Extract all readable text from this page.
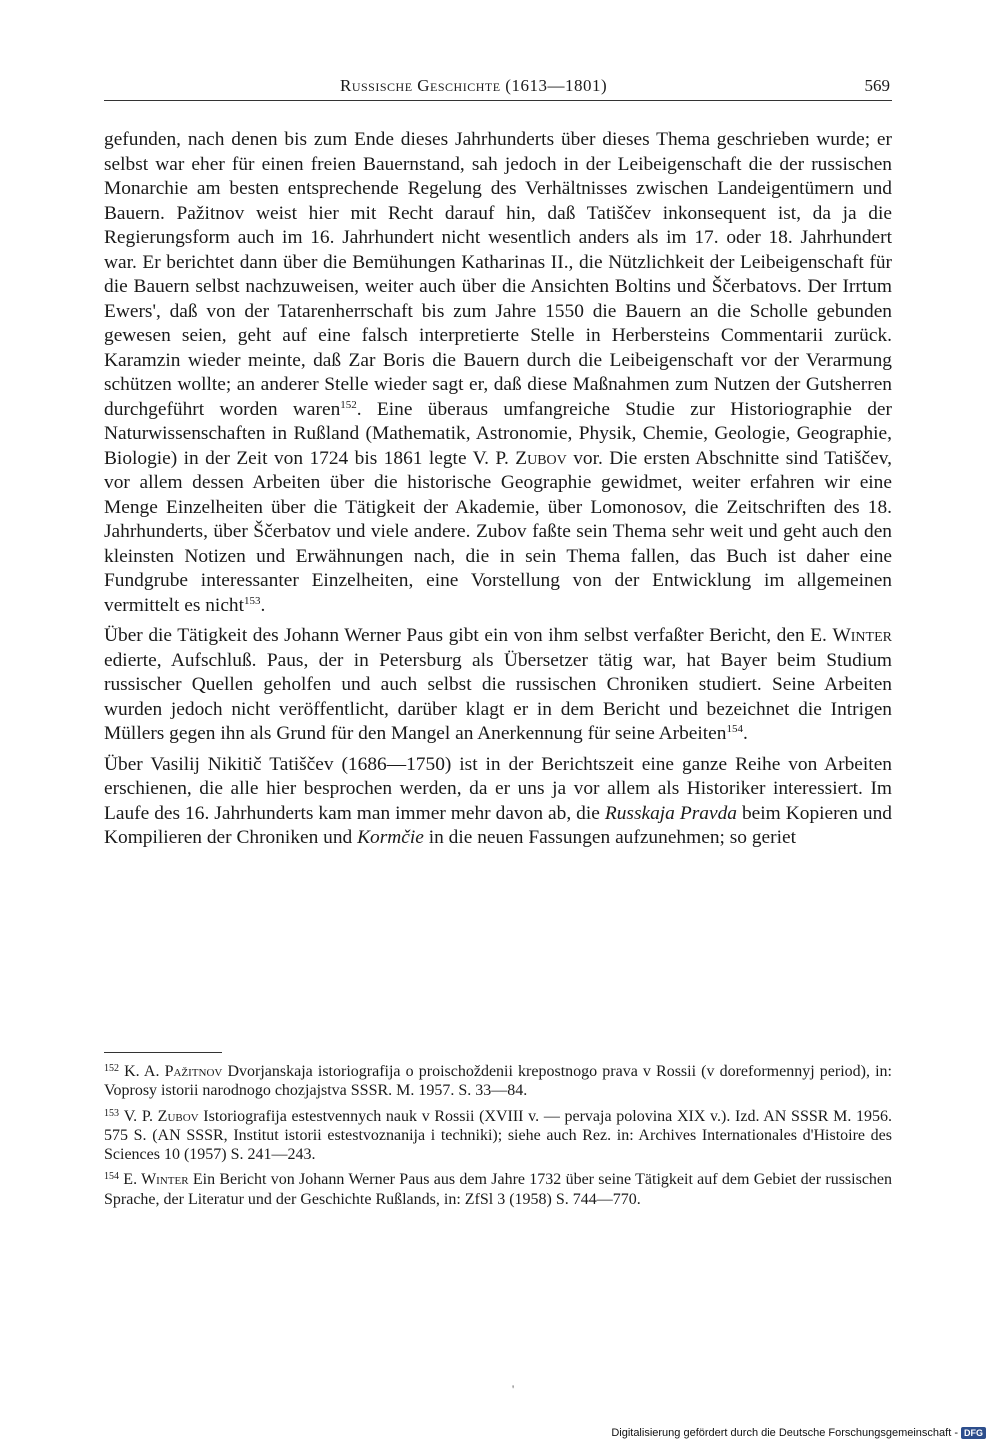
Russische Geschichte (1613—1801)	569

gefunden, nach denen bis zum Ende dieses Jahrhunderts über dieses Thema geschrieben wurde; er selbst war eher für einen freien Bauernstand, sah jedoch in der Leibeigenschaft die der russischen Monarchie am besten entsprechende Regelung des Verhältnisses zwischen Landeigentümern und Bauern. Pažitnov weist hier mit Recht darauf hin, daß Tatiščev inkonsequent ist, da ja die Regierungsform auch im 16. Jahrhundert nicht wesentlich anders als im 17. oder 18. Jahrhundert war. Er berichtet dann über die Bemühungen Katharinas II., die Nützlichkeit der Leibeigenschaft für die Bauern selbst nachzuweisen, weiter auch über die Ansichten Boltins und Ščerbatovs. Der Irrtum Ewers', daß von der Tatarenherrschaft bis zum Jahre 1550 die Bauern an die Scholle gebunden gewesen seien, geht auf eine falsch interpretierte Stelle in Herbersteins Commentarii zurück. Karamzin wieder meinte, daß Zar Boris die Bauern durch die Leibeigenschaft vor der Verarmung schützen wollte; an anderer Stelle wieder sagt er, daß diese Maßnahmen zum Nutzen der Gutsherren durchgeführt worden waren$^{152}$. Eine überaus umfangreiche Studie zur Historiographie der Naturwissenschaften in Rußland (Mathematik, Astronomie, Physik, Chemie, Geologie, Geographie, Biologie) in der Zeit von 1724 bis 1861 legte V. P. Zubov vor. Die ersten Abschnitte sind Tatiščev, vor allem dessen Arbeiten über die historische Geographie gewidmet, weiter erfahren wir eine Menge Einzelheiten über die Tätigkeit der Akademie, über Lomonosov, die Zeitschriften des 18. Jahrhunderts, über Ščerbatov und viele andere. Zubov faßte sein Thema sehr weit und geht auch den kleinsten Notizen und Erwähnungen nach, die in sein Thema fallen, das Buch ist daher eine Fundgrube interessanter Einzelheiten, eine Vorstellung von der Entwicklung im allgemeinen vermittelt es nicht$^{153}$.

Über die Tätigkeit des Johann Werner Paus gibt ein von ihm selbst verfaßter Bericht, den E. Winter edierte, Aufschluß. Paus, der in Petersburg als Übersetzer tätig war, hat Bayer beim Studium russischer Quellen geholfen und auch selbst die russischen Chroniken studiert. Seine Arbeiten wurden jedoch nicht veröffentlicht, darüber klagt er in dem Bericht und bezeichnet die Intrigen Müllers gegen ihn als Grund für den Mangel an Anerkennung für seine Arbeiten$^{154}$.

Über Vasilij Nikitič Tatiščev (1686—1750) ist in der Berichtszeit eine ganze Reihe von Arbeiten erschienen, die alle hier besprochen werden, da er uns ja vor allem als Historiker interessiert. Im Laufe des 16. Jahrhunderts kam man immer mehr davon ab, die Russkaja Pravda beim Kopieren und Kompilieren der Chroniken und Kormčie in die neuen Fassungen aufzunehmen; so geriet

$^{152}$ K. A. Pažitnov Dvorjanskaja istoriografija o proischoždenii krepostnogo prava v Rossii (v doreformennyj period), in: Voprosy istorii narodnogo chozjajstva SSSR. M. 1957. S. 33—84.

$^{153}$ V. P. Zubov Istoriografija estestvennych nauk v Rossii (XVIII v. — pervaja polovina XIX v.). Izd. AN SSSR M. 1956. 575 S. (AN SSSR, Institut istorii estestvoznanija i techniki); siehe auch Rez. in: Archives Internationales d'Histoire des Sciences 10 (1957) S. 241—243.

$^{154}$ E. Winter Ein Bericht von Johann Werner Paus aus dem Jahre 1732 über seine Tätigkeit auf dem Gebiet der russischen Sprache, der Literatur und der Geschichte Rußlands, in: ZfSl 3 (1958) S. 744—770.

'
Digitalisierung gefördert durch die Deutsche Forschungsgemeinschaft - DFG
